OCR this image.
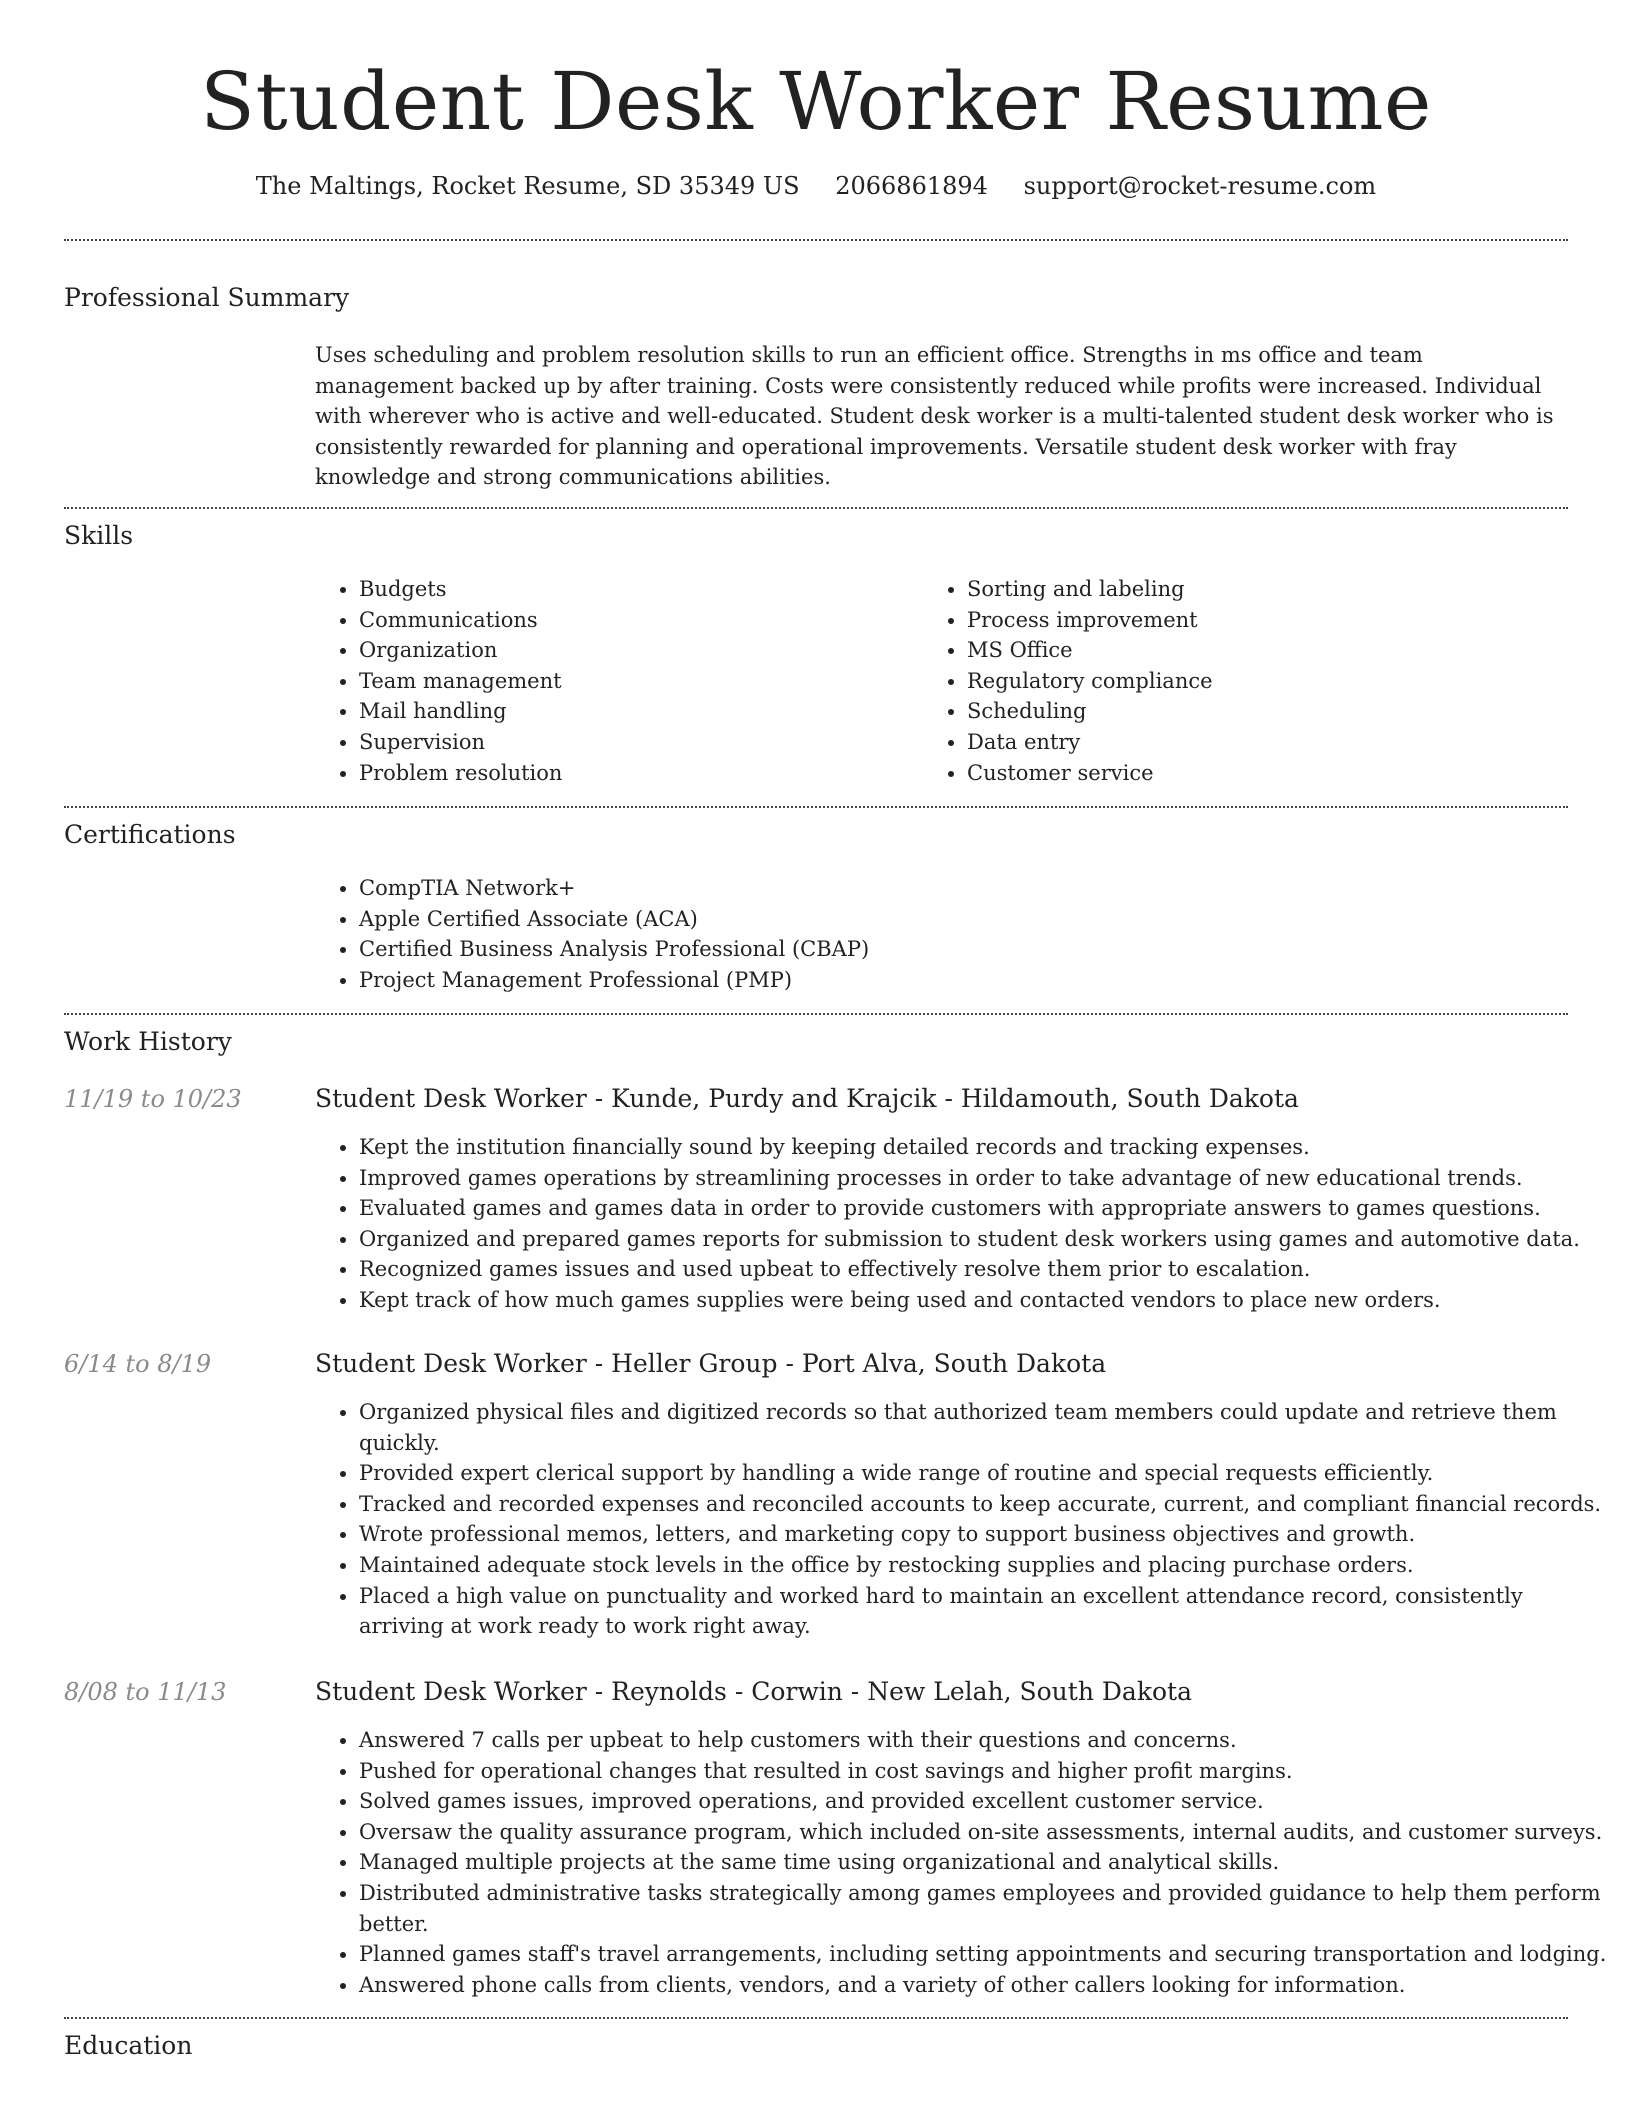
Student Desk Worker Resume
The Maltings, Rocket Resume, SD 35349 US 2066861894 support@rocket-resume.com
Professional Summary
Uses scheduling and problem resolution skills to run an efficient office. Strengths in ms office and team management backed up by after training. Costs were consistently reduced while profits were increased. Individual with wherever who is active and well-educated. Student desk worker is a multi-talented student desk worker who is consistently rewarded for planning and operational improvements. Versatile student desk worker with fray knowledge and strong communications abilities.
Skills
• Budgets
• Communications
• Organization
• Team management
• Mail handling
• Supervision
• Problem resolution
• Sorting and labeling
• Process improvement
• MS Office
• Regulatory compliance
• Scheduling
• Data entry
• Customer service
Certifications
• CompTIA Network+
• Apple Certified Associate (ACA)
• Certified Business Analysis Professional (CBAP)
• Project Management Professional (PMP)
Work History
11/19 to 10/23	Student Desk Worker - Kunde, Purdy and Krajcik - Hildamouth, South Dakota
• Kept the institution financially sound by keeping detailed records and tracking expenses.
• Improved games operations by streamlining processes in order to take advantage of new educational trends.
• Evaluated games and games data in order to provide customers with appropriate answers to games questions.
• Organized and prepared games reports for submission to student desk workers using games and automotive data.
• Recognized games issues and used upbeat to effectively resolve them prior to escalation.
• Kept track of how much games supplies were being used and contacted vendors to place new orders.
6/14 to 8/19	Student Desk Worker - Heller Group - Port Alva, South Dakota
• Organized physical files and digitized records so that authorized team members could update and retrieve them quickly.
• Provided expert clerical support by handling a wide range of routine and special requests efficiently.
• Tracked and recorded expenses and reconciled accounts to keep accurate, current, and compliant financial records.
• Wrote professional memos, letters, and marketing copy to support business objectives and growth.
• Maintained adequate stock levels in the office by restocking supplies and placing purchase orders.
• Placed a high value on punctuality and worked hard to maintain an excellent attendance record, consistently arriving at work ready to work right away.
8/08 to 11/13	Student Desk Worker - Reynolds - Corwin - New Lelah, South Dakota
• Answered 7 calls per upbeat to help customers with their questions and concerns.
• Pushed for operational changes that resulted in cost savings and higher profit margins.
• Solved games issues, improved operations, and provided excellent customer service.
• Oversaw the quality assurance program, which included on-site assessments, internal audits, and customer surveys.
• Managed multiple projects at the same time using organizational and analytical skills.
• Distributed administrative tasks strategically among games employees and provided guidance to help them perform better.
• Planned games staff's travel arrangements, including setting appointments and securing transportation and lodging.
• Answered phone calls from clients, vendors, and a variety of other callers looking for information.
Education
